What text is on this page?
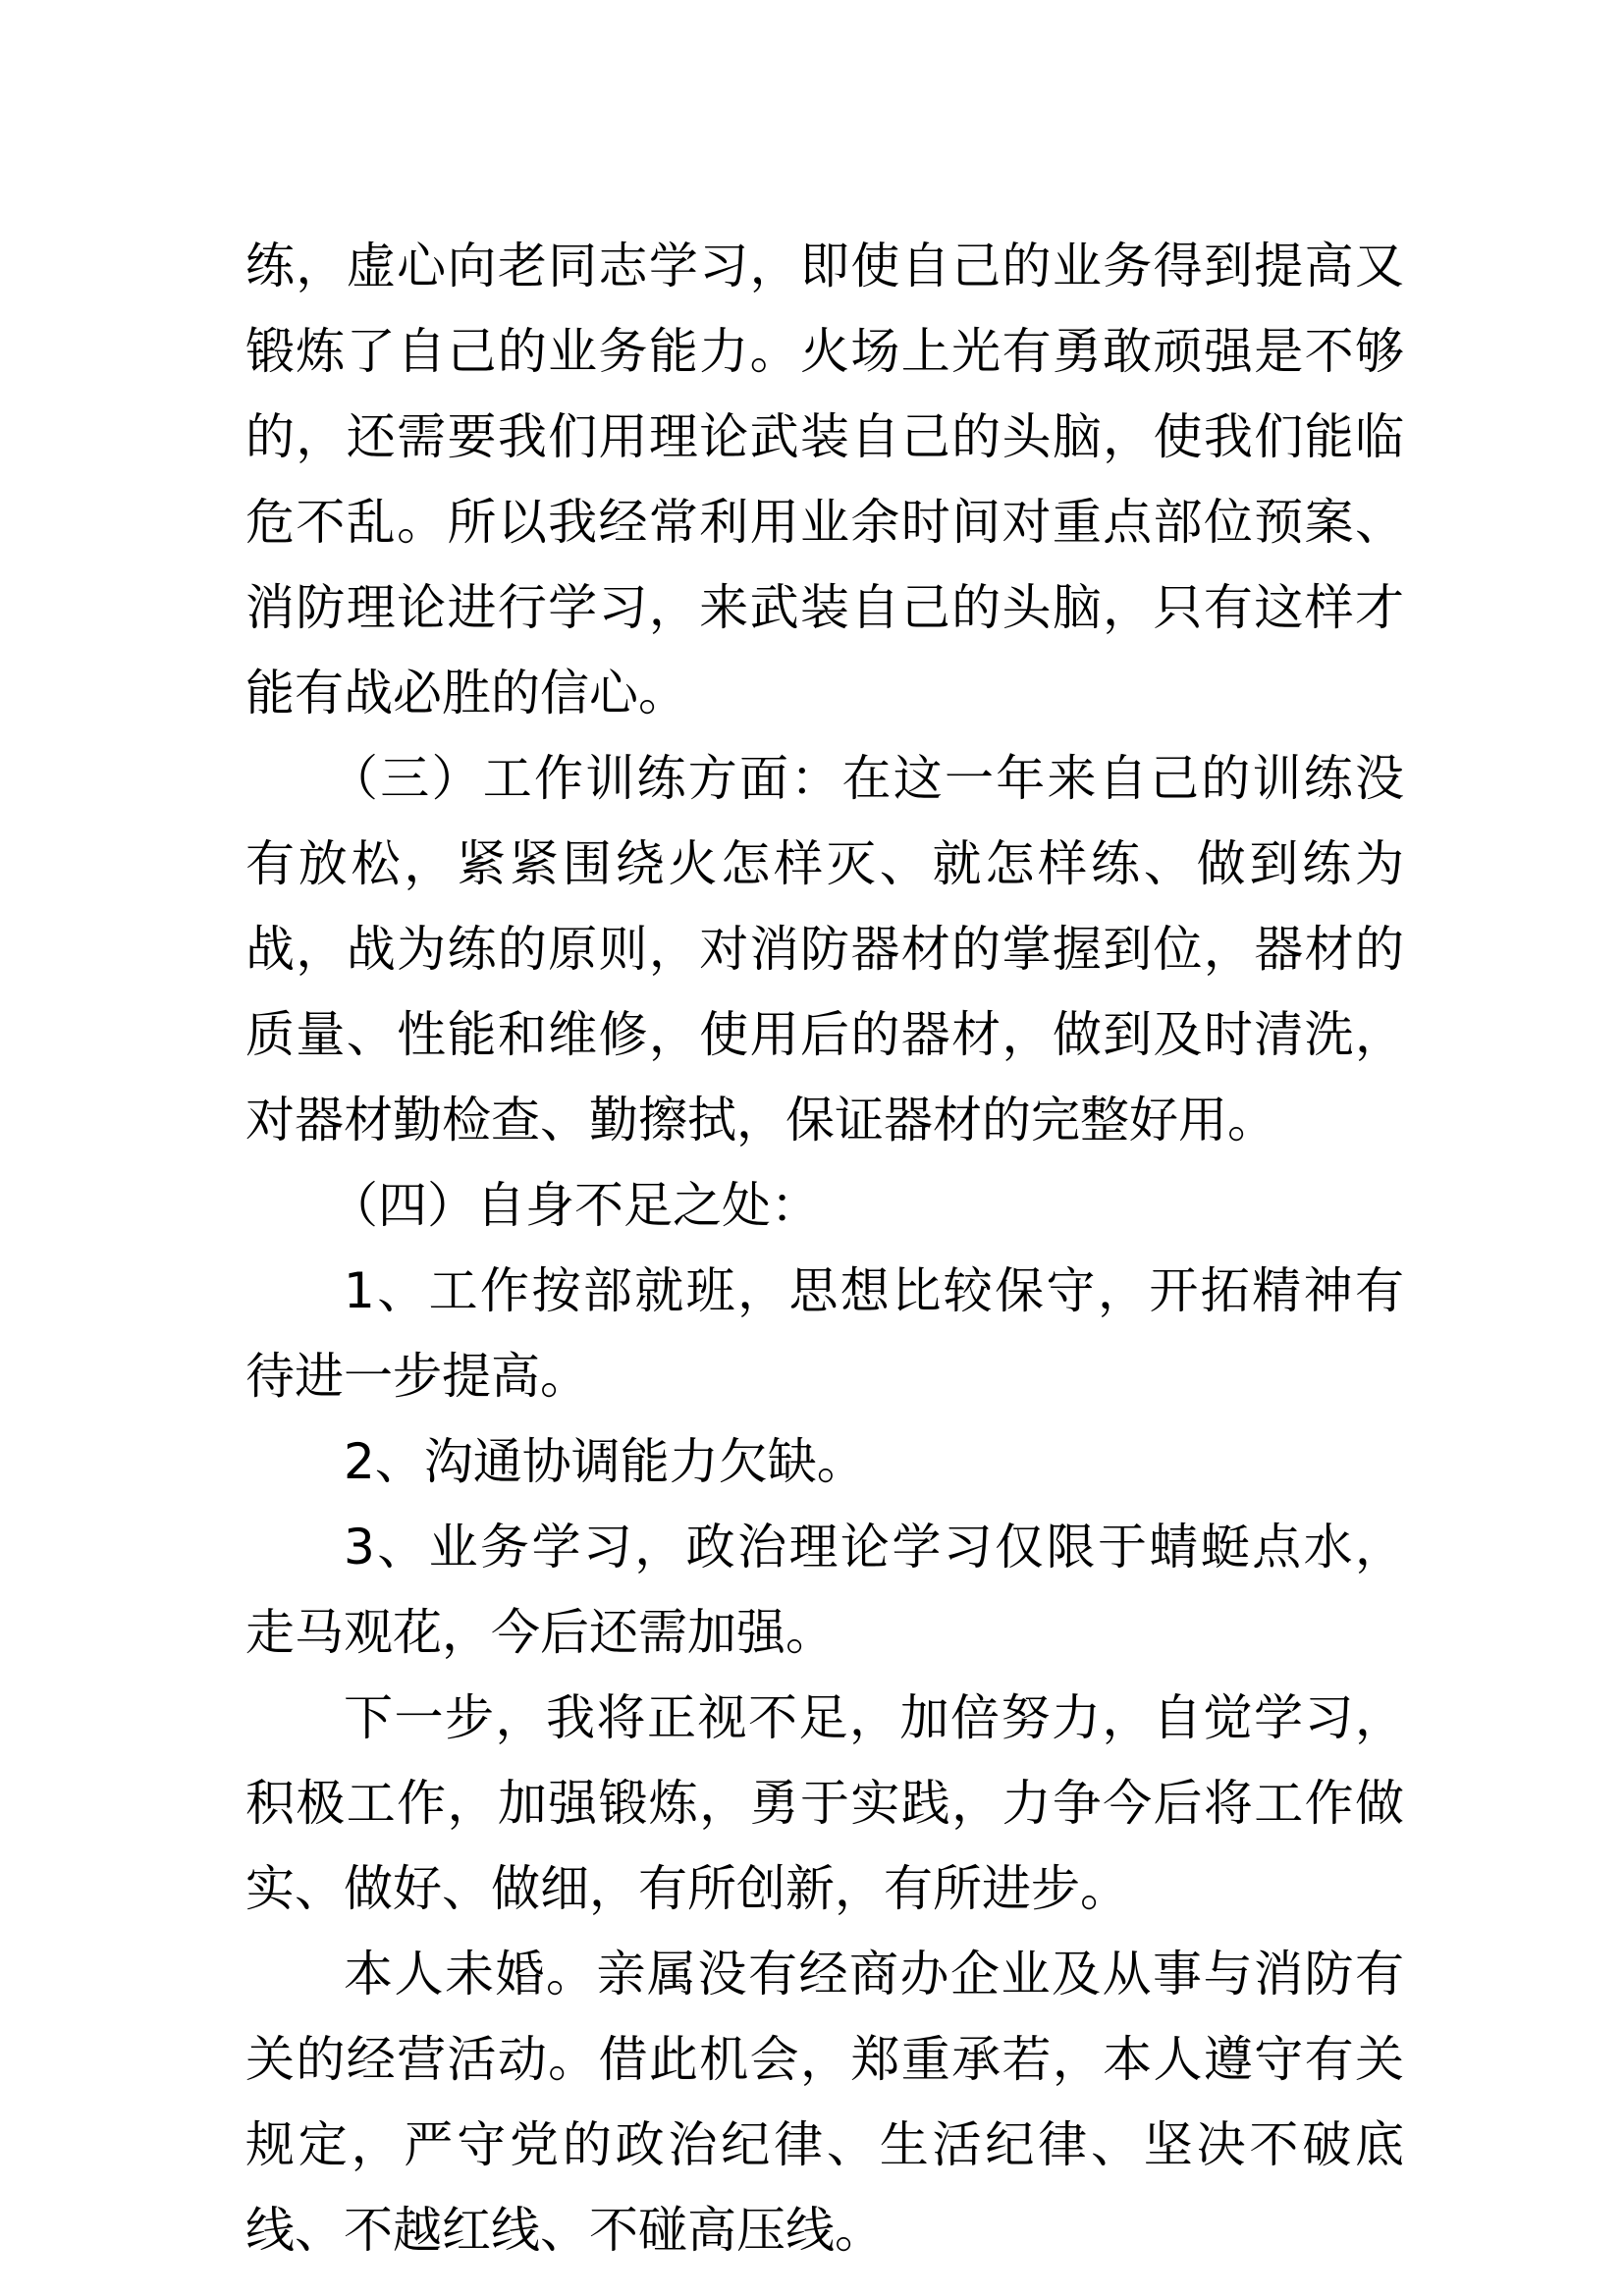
练，虚心向老同志学习，即使自己的业务得到提高又锻炼了自己的业务能力。火场上光有勇敢顽强是不够的，还需要我们用理论武装自己的头脑，使我们能临危不乱。所以我经常利用业余时间对重点部位预案、消防理论进行学习，来武装自己的头脑，只有这样才能有战必胜的信心。

（三）工作训练方面：在这一年来自己的训练没有放松，紧紧围绕火怎样灭、就怎样练、做到练为战，战为练的原则，对消防器材的掌握到位，器材的质量、性能和维修，使用后的器材，做到及时清洗，对器材勤检查、勤擦拭，保证器材的完整好用。

（四）自身不足之处：

1、工作按部就班，思想比较保守，开拓精神有待进一步提高。

2、沟通协调能力欠缺。

3、业务学习，政治理论学习仅限于蜻蜓点水，走马观花，今后还需加强。

下一步，我将正视不足，加倍努力，自觉学习，积极工作，加强锻炼，勇于实践，力争今后将工作做实、做好、做细，有所创新，有所进步。

本人未婚。亲属没有经商办企业及从事与消防有关的经营活动。借此机会，郑重承若，本人遵守有关规定，严守党的政治纪律、生活纪律、坚决不破底线、不越红线、不碰高压线。
